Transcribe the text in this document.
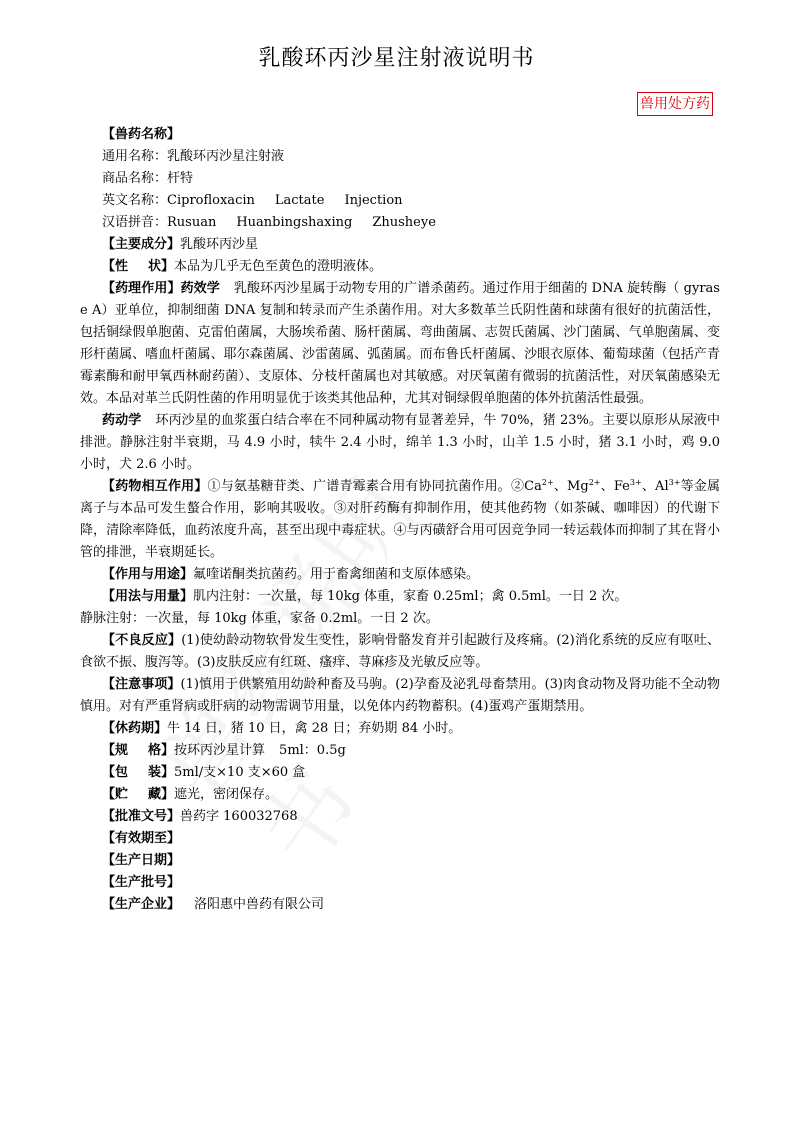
乳酸环丙沙星注射液说明书
兽用处方药
【兽药名称】
通用名称：乳酸环丙沙星注射液
商品名称：杆特
英文名称：Ciprofloxacin Lactate Injection
汉语拼音：Rusuan Huanbingshaxing Zhusheye
【主要成分】乳酸环丙沙星
【性 状】本品为几乎无色至黄色的澄明液体。
【药理作用】药效学 乳酸环丙沙星属于动物专用的广谱杀菌药。通过作用于细菌的 DNA 旋转酶（ gyrase A）亚单位，抑制细菌 DNA 复制和转录而产生杀菌作用。对大多数革兰氏阴性菌和球菌有很好的抗菌活性，包括铜绿假单胞菌、克雷伯菌属，大肠埃希菌、肠杆菌属、弯曲菌属、志贺氏菌属、沙门菌属、气单胞菌属、变形杆菌属、嗜血杆菌属、耶尔森菌属、沙雷菌属、弧菌属。而布鲁氏杆菌属、沙眼衣原体、葡萄球菌（包括产青霉素酶和耐甲氧西林耐药菌）、支原体、分枝杆菌属也对其敏感。对厌氧菌有微弱的抗菌活性，对厌氧菌感染无效。本品对革兰氏阴性菌的作用明显优于该类其他品种，尤其对铜绿假单胞菌的体外抗菌活性最强。
药动学 环丙沙星的血浆蛋白结合率在不同种属动物有显著差异，牛 70%，猪 23%。主要以原形从尿液中排泄。静脉注射半衰期，马 4.9 小时，犊牛 2.4 小时，绵羊 1.3 小时，山羊 1.5 小时，猪 3.1 小时，鸡 9.0 小时，犬 2.6 小时。
【药物相互作用】①与氨基糖苷类、广谱青霉素合用有协同抗菌作用。$②Ca^{2+}$、$Mg^{2+}$、$Fe^{3+}$、$Al^{3+}$等金属离子与本品可发生螯合作用，影响其吸收。③对肝药酶有抑制作用，使其他药物（如茶碱、咖啡因）的代谢下降，清除率降低，血药浓度升高，甚至出现中毒症状。④与丙磺舒合用可因竞争同一转运载体而抑制了其在肾小管的排泄，半衰期延长。
【作用与用途】氟喹诺酮类抗菌药。用于畜禽细菌和支原体感染。
【用法与用量】肌内注射：一次量，每 10kg 体重，家畜 0.25ml；禽 0.5ml。一日 2 次。
静脉注射：一次量，每 10kg 体重，家备 0.2ml。一日 2 次。
【不良反应】(1)使幼龄动物软骨发生变性，影响骨骼发育并引起跛行及疼痛。(2)消化系统的反应有呕吐、食欲不振、腹泻等。(3)皮肤反应有红斑、瘙痒、荨麻疹及光敏反应等。
【注意事项】(1)慎用于供繁殖用幼龄种畜及马驹。(2)孕畜及泌乳母畜禁用。(3)肉食动物及肾功能不全动物慎用。对有严重肾病或肝病的动物需调节用量，以免体内药物蓄积。(4)蛋鸡产蛋期禁用。
【休药期】牛 14 日，猪 10 日，禽 28 日；弃奶期 84 小时。
【规 格】按环丙沙星计算 5ml：0.5g
【包 装】5ml/支×10 支×60 盒
【贮 藏】遮光，密闭保存。
【批准文号】兽药字 160032768
【有效期至】
【生产日期】
【生产批号】
【生产企业】 洛阳惠中兽药有限公司
